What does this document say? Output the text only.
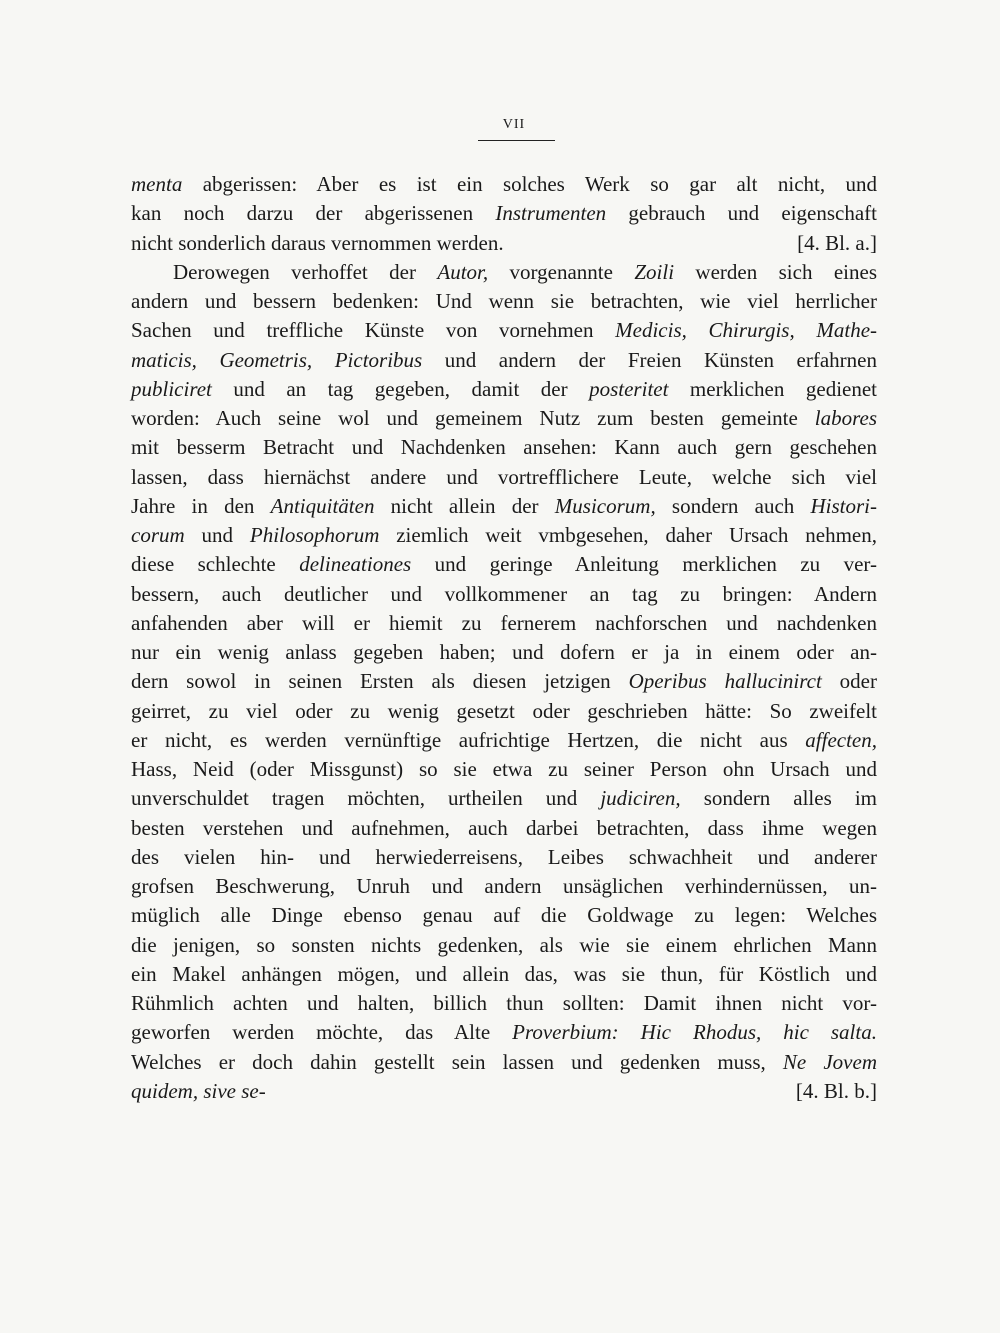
VII
menta abgerissen: Aber es ist ein solches Werk so gar alt nicht, und
kan noch darzu der abgerissenen Instrumenten gebrauch und eigenschaft
nicht sonderlich daraus vernommen werden.	[4. Bl. a.]
Derowegen verhoffet der Autor, vorgenannte Zoili werden sich eines
andern und bessern bedenken: Und wenn sie betrachten, wie viel herrlicher
Sachen und treffliche Künste von vornehmen Medicis, Chirurgis, Mathe-
maticis, Geometris, Pictoribus und andern der Freien Künsten erfahrnen
publiciret und an tag gegeben, damit der posteritet merklichen gedienet
worden: Auch seine wol und gemeinem Nutz zum besten gemeinte labores
mit besserm Betracht und Nachdenken ansehen: Kann auch gern geschehen
lassen, dass hiernächst andere und vortrefflichere Leute, welche sich viel
Jahre in den Antiquitäten nicht allein der Musicorum, sondern auch Histori-
corum und Philosophorum ziemlich weit vmbgesehen, daher Ursach nehmen,
diese schlechte delineationes und geringe Anleitung merklichen zu ver-
bessern, auch deutlicher und vollkommener an tag zu bringen: Andern
anfahenden aber will er hiemit zu fernerem nachforschen und nachdenken
nur ein wenig anlass gegeben haben; und dofern er ja in einem oder an-
dern sowol in seinen Ersten als diesen jetzigen Operibus hallucinirct oder
geirret, zu viel oder zu wenig gesetzt oder geschrieben hätte: So zweifelt
er nicht, es werden vernünftige aufrichtige Hertzen, die nicht aus affecten,
Hass, Neid (oder Missgunst) so sie etwa zu seiner Person ohn Ursach und
unverschuldet tragen möchten, urtheilen und judiciren, sondern alles im
besten verstehen und aufnehmen, auch darbei betrachten, dass ihme wegen
des vielen hin- und herwiederreisens, Leibes schwachheit und anderer
grofsen Beschwerung, Unruh und andern unsäglichen verhindernüssen, un-
müglich alle Dinge ebenso genau auf die Goldwage zu legen: Welches
die jenigen, so sonsten nichts gedenken, als wie sie einem ehrlichen Mann
ein Makel anhängen mögen, und allein das, was sie thun, für Köstlich und
Rühmlich achten und halten, billich thun sollten: Damit ihnen nicht vor-
geworfen werden möchte, das Alte Proverbium: Hic Rhodus, hic salta.
Welches er doch dahin gestellt sein lassen und gedenken muss, Ne Jovem
quidem, sive se-	[4. Bl. b.]
